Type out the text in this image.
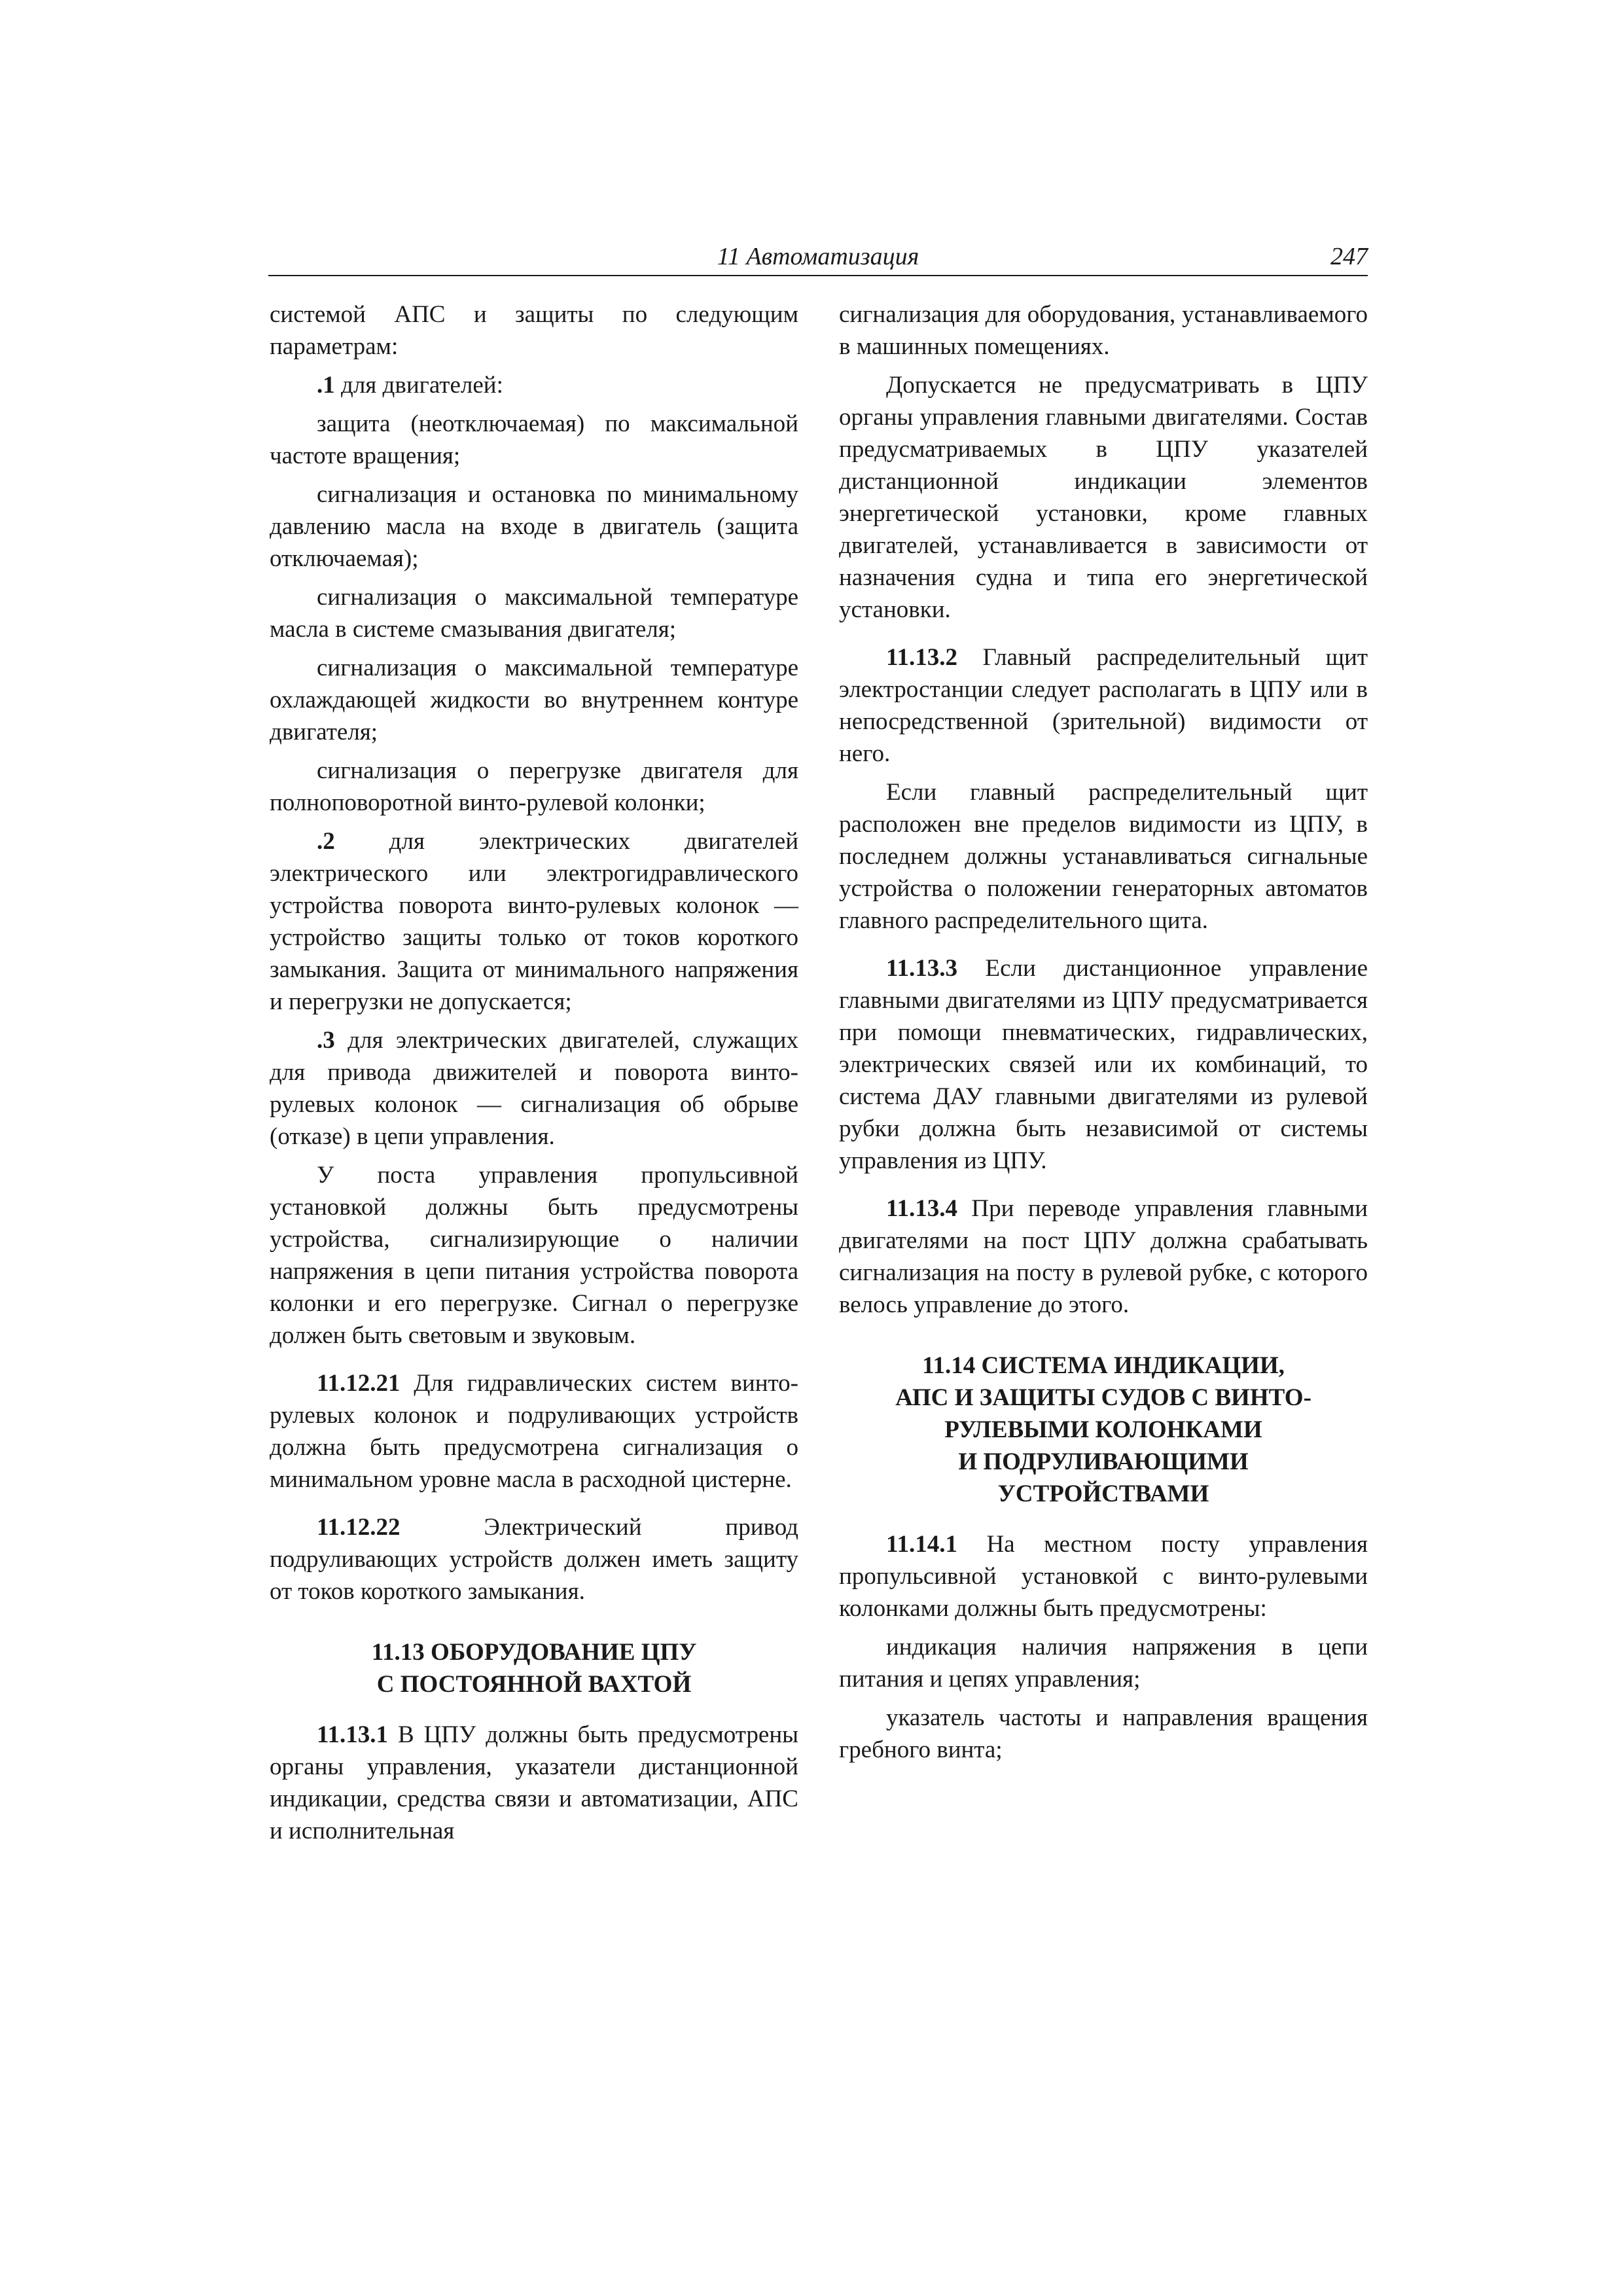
11 Автоматизация	247

системой АПС и защиты по следующим параметрам:

.1 для двигателей:

защита (неотключаемая) по максимальной частоте вращения;

сигнализация и остановка по минимальному давлению масла на входе в двигатель (защита отключаемая);

сигнализация о максимальной температуре масла в системе смазывания двигателя;

сигнализация о максимальной температуре охлаждающей жидкости во внутреннем контуре двигателя;

сигнализация о перегрузке двигателя для полноповоротной винто-рулевой колонки;

.2 для электрических двигателей электрического или электрогидравлического устройства поворота винто-рулевых колонок — устройство защиты только от токов короткого замыкания. Защита от минимального напряжения и перегрузки не допускается;

.3 для электрических двигателей, служащих для привода движителей и поворота винто-рулевых колонок — сигнализация об обрыве (отказе) в цепи управления.

У поста управления пропульсивной установкой должны быть предусмотрены устройства, сигнализирующие о наличии напряжения в цепи питания устройства поворота колонки и его перегрузке. Сигнал о перегрузке должен быть световым и звуковым.

11.12.21 Для гидравлических систем винто-рулевых колонок и подруливающих устройств должна быть предусмотрена сигнализация о минимальном уровне масла в расходной цистерне.

11.12.22 Электрический привод подруливающих устройств должен иметь защиту от токов короткого замыкания.

11.13 ОБОРУДОВАНИЕ ЦПУ
С ПОСТОЯННОЙ ВАХТОЙ

11.13.1 В ЦПУ должны быть предусмотрены органы управления, указатели дистанционной индикации, средства связи и автоматизации, АПС и исполнительная

сигнализация для оборудования, устанавливаемого в машинных помещениях.

Допускается не предусматривать в ЦПУ органы управления главными двигателями. Состав предусматриваемых в ЦПУ указателей дистанционной индикации элементов энергетической установки, кроме главных двигателей, устанавливается в зависимости от назначения судна и типа его энергетической установки.

11.13.2 Главный распределительный щит электростанции следует располагать в ЦПУ или в непосредственной (зрительной) видимости от него.

Если главный распределительный щит расположен вне пределов видимости из ЦПУ, в последнем должны устанавливаться сигнальные устройства о положении генераторных автоматов главного распределительного щита.

11.13.3 Если дистанционное управление главными двигателями из ЦПУ предусматривается при помощи пневматических, гидравлических, электрических связей или их комбинаций, то система ДАУ главными двигателями из рулевой рубки должна быть независимой от системы управления из ЦПУ.

11.13.4 При переводе управления главными двигателями на пост ЦПУ должна срабатывать сигнализация на посту в рулевой рубке, с которого велось управление до этого.

11.14 СИСТЕМА ИНДИКАЦИИ,
АПС И ЗАЩИТЫ СУДОВ С ВИНТО-
РУЛЕВЫМИ КОЛОНКАМИ
И ПОДРУЛИВАЮЩИМИ
УСТРОЙСТВАМИ

11.14.1 На местном посту управления пропульсивной установкой с винто-рулевыми колонками должны быть предусмотрены:

индикация наличия напряжения в цепи питания и цепях управления;

указатель частоты и направления вращения гребного винта;
